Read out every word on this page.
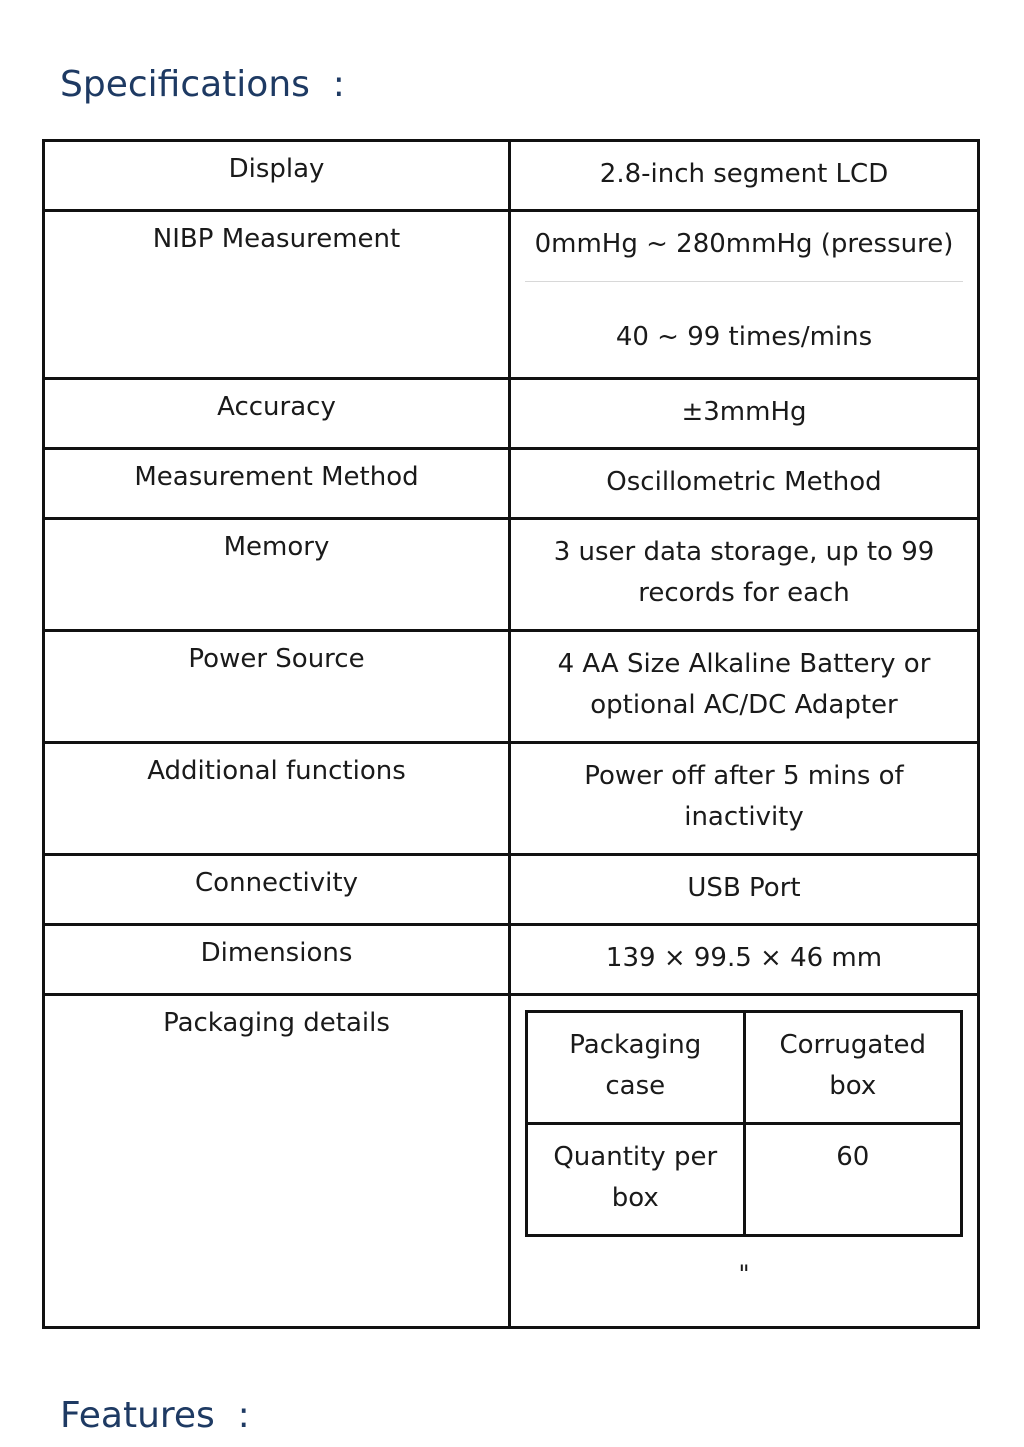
Specifications  :
Display	2.8-inch segment LCD
NIBP Measurement	0mmHg ~ 280mmHg (pressure)
40 ~ 99 times/mins

Accuracy	±3mmHg
Measurement Method	Oscillometric Method
Memory	3 user data storage, up to 99 records for each
Power Source	4 AA Size Alkaline Battery or optional AC/DC Adapter
Additional functions	Power off after 5 mins of inactivity
Connectivity	USB Port
Dimensions	139 × 99.5 × 46 mm
Packaging details	
Packaging case	Corrugated box
Quantity per box	60
"
Features  :
